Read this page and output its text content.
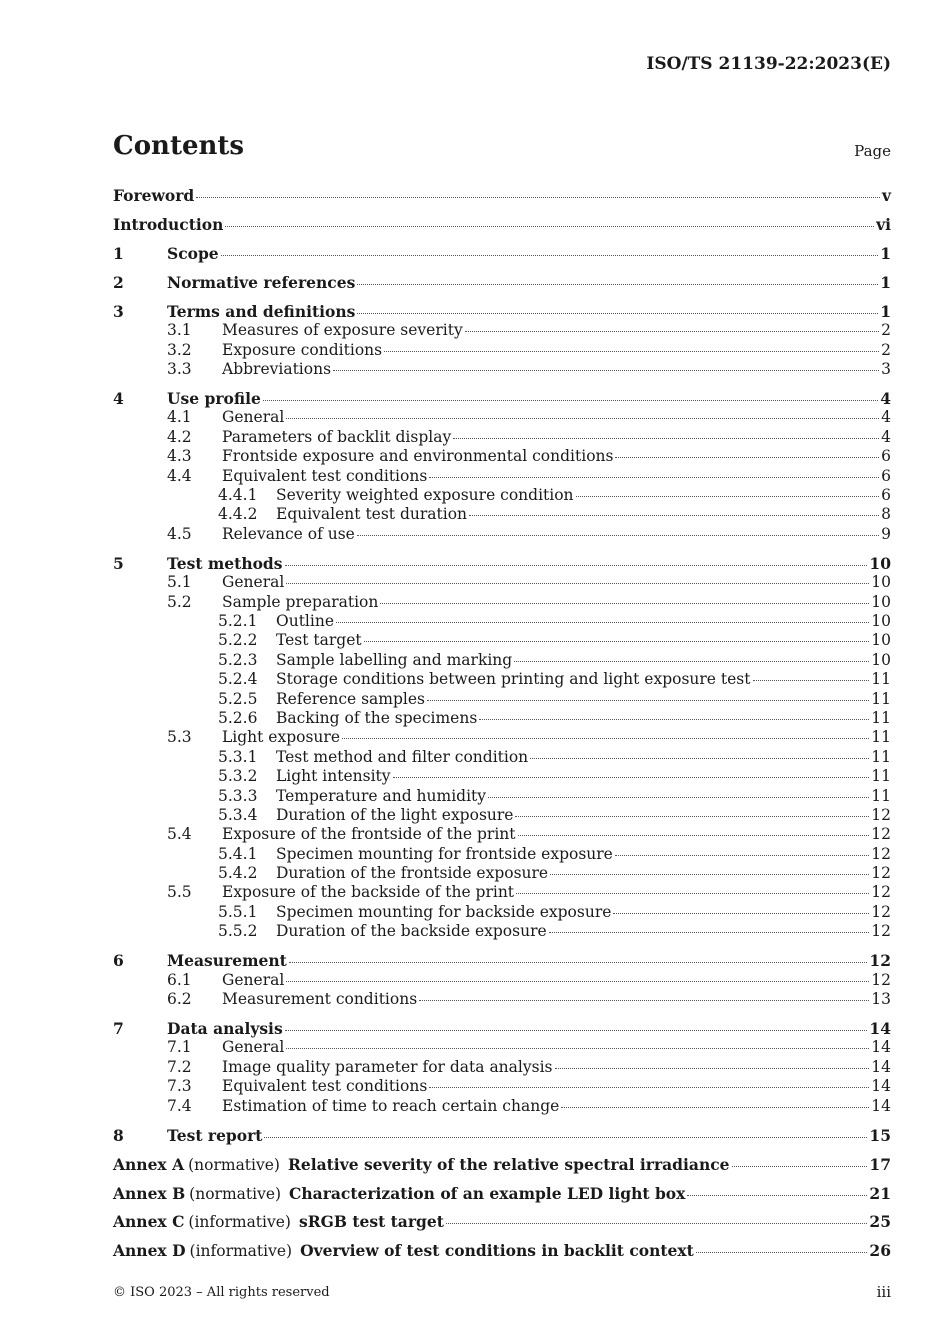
ISO/TS 21139-22:2023(E)
Contents	Page
Foreword	v
Introduction	vi
1	Scope	1
2	Normative references	1
3	Terms and definitions	1
3.1	Measures of exposure severity	2
3.2	Exposure conditions	2
3.3	Abbreviations	3
4	Use profile	4
4.1	General	4
4.2	Parameters of backlit display	4
4.3	Frontside exposure and environmental conditions	6
4.4	Equivalent test conditions	6
4.4.1	Severity weighted exposure condition	6
4.4.2	Equivalent test duration	8
4.5	Relevance of use	9
5	Test methods	10
5.1	General	10
5.2	Sample preparation	10
5.2.1	Outline	10
5.2.2	Test target	10
5.2.3	Sample labelling and marking	10
5.2.4	Storage conditions between printing and light exposure test	11
5.2.5	Reference samples	11
5.2.6	Backing of the specimens	11
5.3	Light exposure	11
5.3.1	Test method and filter condition	11
5.3.2	Light intensity	11
5.3.3	Temperature and humidity	11
5.3.4	Duration of the light exposure	12
5.4	Exposure of the frontside of the print	12
5.4.1	Specimen mounting for frontside exposure	12
5.4.2	Duration of the frontside exposure	12
5.5	Exposure of the backside of the print	12
5.5.1	Specimen mounting for backside exposure	12
5.5.2	Duration of the backside exposure	12
6	Measurement	12
6.1	General	12
6.2	Measurement conditions	13
7	Data analysis	14
7.1	General	14
7.2	Image quality parameter for data analysis	14
7.3	Equivalent test conditions	14
7.4	Estimation of time to reach certain change	14
8	Test report	15
Annex A (normative) Relative severity of the relative spectral irradiance	17
Annex B (normative) Characterization of an example LED light box	21
Annex C (informative) sRGB test target	25
Annex D (informative) Overview of test conditions in backlit context	26
© ISO 2023 – All rights reserved	iii
